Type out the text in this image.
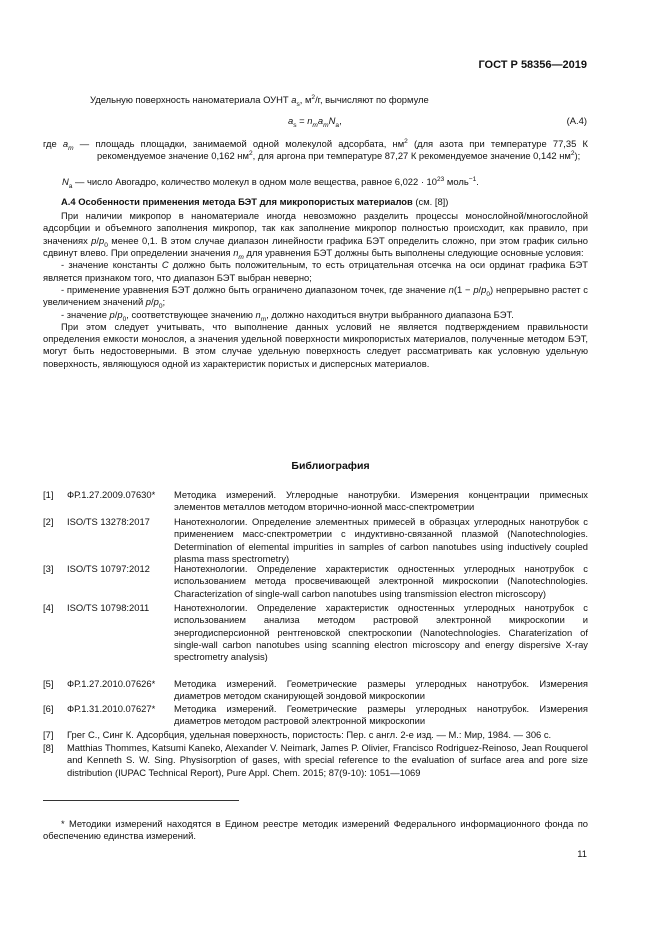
ГОСТ Р 58356—2019
Удельную поверхность наноматериала ОУНТ $a_s$, $м^2/г$, вычисляют по формуле
$a_s = n_ma_mN_a$,	(А.4)
где $a_m$ — площадь площадки, занимаемой одной молекулой адсорбата, $нм^2$ (для азота при температуре 77,35 К рекомендуемое значение 0,162 $нм^2$, для аргона при температуре 87,27 К рекомендуемое значение 0,142 $нм^2$);
$N_a$ — число Авогадро, количество молекул в одном моле вещества, равное $6,022 \cdot 10^{23}$ моль$^{-1}$.
А.4 Особенности применения метода БЭТ для микропористых материалов (см. [8])

При наличии микропор в наноматериале иногда невозможно разделить процессы монослойной/многослойной адсорбции и объемного заполнения микропор, так как заполнение микропор полностью происходит, как правило, при значениях $p/p_0$ менее 0,1. В этом случае диапазон линейности графика БЭТ определить сложно, при этом график сильно сдвинут влево. При определении значения $n_m$ для уравнения БЭТ должны быть выполнены следующие основные условия:

- значение константы C должно быть положительным, то есть отрицательная отсечка на оси ординат графика БЭТ является признаком того, что диапазон БЭТ выбран неверно;

- применение уравнения БЭТ должно быть ограничено диапазоном точек, где значение $n(1 - p/p_0)$ непрерывно растет с увеличением значений $p/p_0$;

- значение $p/p_0$, соответствующее значению $n_m$, должно находиться внутри выбранного диапазона БЭТ.

При этом следует учитывать, что выполнение данных условий не является подтверждением правильности определения емкости монослоя, а значения удельной поверхности микропористых материалов, полученные методом БЭТ, могут быть недостоверными. В этом случае удельную поверхность следует рассматривать как условную удельную поверхность, являющуюся одной из характеристик пористых и дисперсных материалов.

Библиография
[1] ФР.1.27.2009.07630* Методика измерений. Углеродные нанотрубки. Измерения концентрации примесных элементов металлов методом вторично-ионной масс-спектрометрии
[2] ISO/TS 13278:2017	Нанотехнологии. Определение элементных примесей в образцах углеродных нанотрубок с применением масс-спектрометрии с индуктивно-связанной плазмой (Nanotechnologies. Determination of elemental impurities in samples of carbon nanotubes using inductively coupled plasma mass spectrometry)
[3] ISO/TS 10797:2012	Нанотехнологии. Определение характеристик одностенных углеродных нанотрубок с использованием метода просвечивающей электронной микроскопии (Nanotechnologies. Characterization of single-wall carbon nanotubes using transmission electron microscopy)
[4] ISO/TS 10798:2011	Нанотехнологии. Определение характеристик одностенных углеродных нанотрубок с использованием анализа методом растровой электронной микроскопии и энергодисперсионной рентгеновской спектроскопии (Nanotechnologies. Charaterization of single-wall carbon nanotubes using scanning electron microscopy and energy dispersive X-ray spectrometry analysis)
[5] ФР.1.27.2010.07626* Методика измерений. Геометрические размеры углеродных нанотрубок. Измерения диаметров методом сканирующей зондовой микроскопии
[6] ФР.1.31.2010.07627* Методика измерений. Геометрические размеры углеродных нанотрубок. Измерения диаметров методом растровой электронной микроскопии
[7] Грег С., Синг К. Адсорбция, удельная поверхность, пористость: Пер. с англ. 2-е изд. — М.: Мир, 1984. — 306 с.
[8] Matthias Thommes, Katsumi Kaneko, Alexander V. Neimark, James P. Olivier, Francisco Rodriguez-Reinoso, Jean Rouquerol and Kenneth S. W. Sing. Physisorption of gases, with special reference to the evaluation of surface area and pore size distribution (IUPAC Technical Report), Pure Appl. Chem. 2015; 87(9-10): 1051—1069

* Методики измерений находятся в Едином реестре методик измерений Федерального информационного фонда по обеспечению единства измерений.

11
